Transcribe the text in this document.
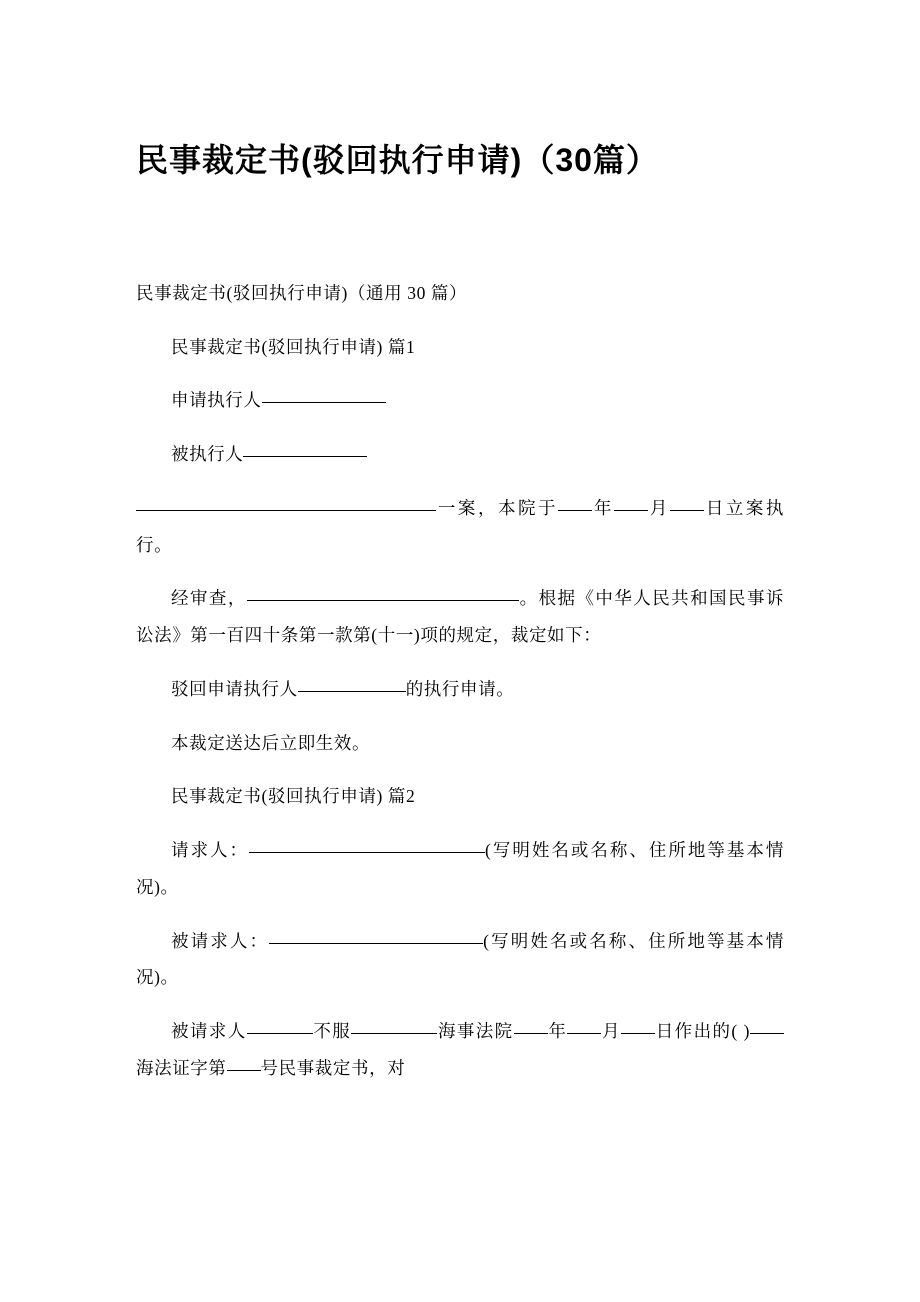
民事裁定书(驳回执行申请)（30篇）

民事裁定书(驳回执行申请)（通用 30 篇）

民事裁定书(驳回执行申请) 篇1

申请执行人

被执行人

一案，本院于 年 月 日立案执行。

经审查，	。根据《中华人民共和国民事诉讼法》第一百四十条第一款第(十一)项的规定，裁定如下：

驳回申请执行人	的执行申请。

本裁定送达后立即生效。

民事裁定书(驳回执行申请) 篇2

请求人：	(写明姓名或名称、住所地等基本情况)。

被请求人：	(写明姓名或名称、住所地等基本情况)。

被请求人	不服	海事法院 年 月 日作出的( )海法证字第 号民事裁定书，对
